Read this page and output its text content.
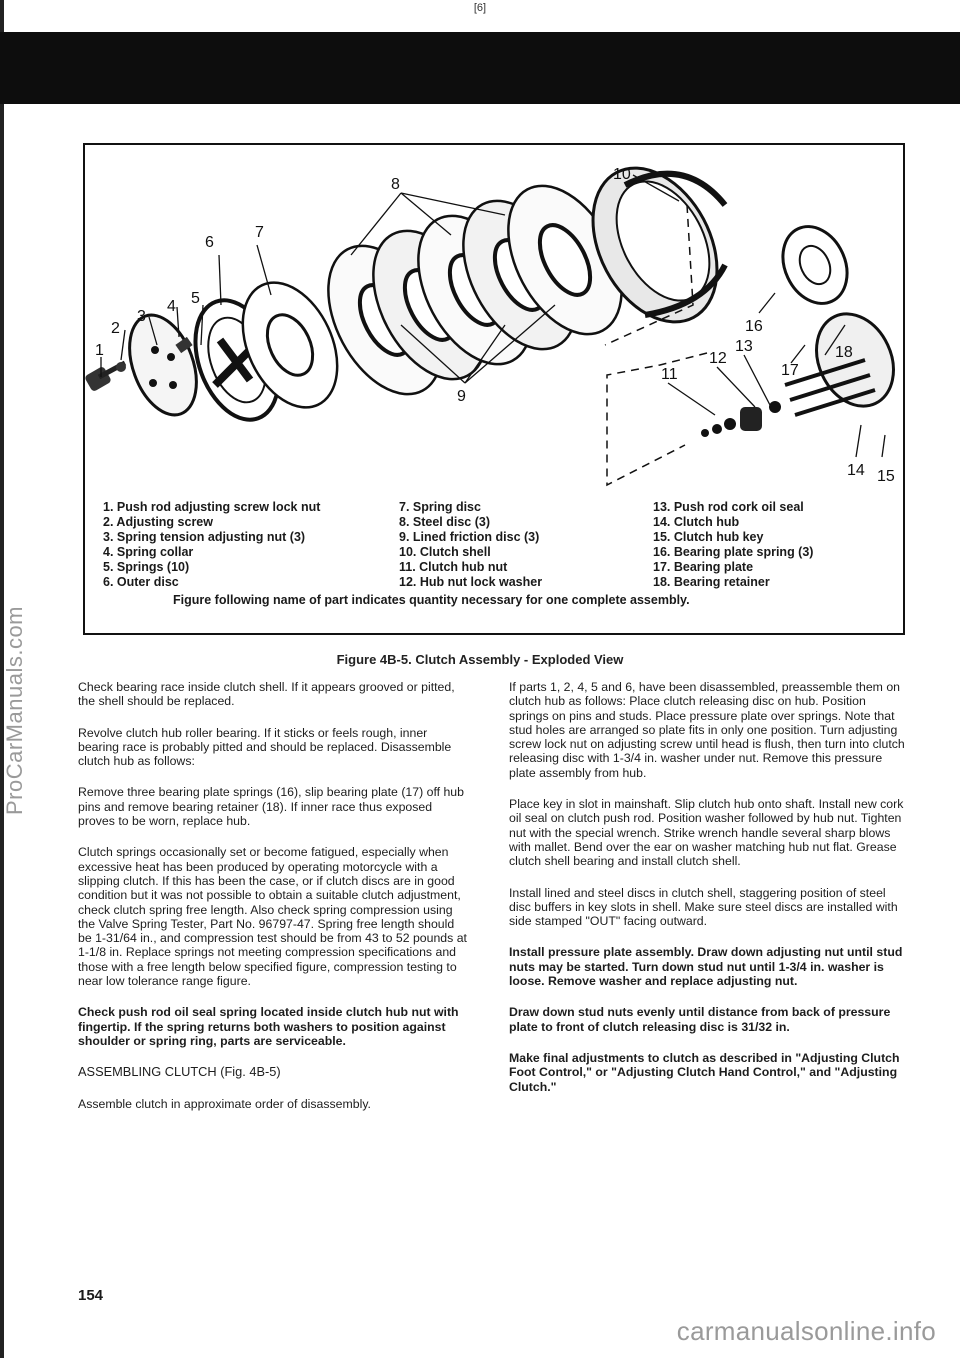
[6]
ProCarManuals.com
1
2
3
4 5
6
7
8
9
10
11
12
13
14 15
16
17
18
1. Push rod adjusting screw lock nut
2. Adjusting screw
3. Spring tension adjusting nut (3)
4. Spring collar
5. Springs (10)
6. Outer disc
7. Spring disc
8. Steel disc (3)
9. Lined friction disc (3)
10. Clutch shell
11. Clutch hub nut
12. Hub nut lock washer
13. Push rod cork oil seal
14. Clutch hub
15. Clutch hub key
16. Bearing plate spring (3)
17. Bearing plate
18. Bearing retainer
Figure following name of part indicates quantity necessary for one complete assembly.
Figure 4B-5. Clutch Assembly - Exploded View

Check bearing race inside clutch shell. If it appears grooved or pitted, the shell should be replaced.

Revolve clutch hub roller bearing. If it sticks or feels rough, inner bearing race is probably pitted and should be replaced. Disassemble clutch hub as follows:

Remove three bearing plate springs (16), slip bearing plate (17) off hub pins and remove bearing retainer (18). If inner race thus exposed proves to be worn, replace hub.

Clutch springs occasionally set or become fatigued, especially when excessive heat has been produced by operating motorcycle with a slipping clutch. If this has been the case, or if clutch discs are in good condition but it was not possible to obtain a suitable clutch adjustment, check clutch spring free length. Also check spring compression using the Valve Spring Tester, Part No. 96797-47. Spring free length should be 1-31/64 in., and compression test should be from 43 to 52 pounds at 1-1/8 in. Replace springs not meeting compression specifications and those with a free length below specified figure, compression testing to near low tolerance range figure.

Check push rod oil seal spring located inside clutch hub nut with fingertip. If the spring returns both washers to position against shoulder or spring ring, parts are serviceable.

ASSEMBLING CLUTCH (Fig. 4B-5)

Assemble clutch in approximate order of disassembly.

If parts 1, 2, 4, 5 and 6, have been disassembled, preassemble them on clutch hub as follows: Place clutch releasing disc on hub. Position springs on pins and studs. Place pressure plate over springs. Note that stud holes are arranged so plate fits in only one position. Turn adjusting screw lock nut on adjusting screw until head is flush, then turn into clutch releasing disc with 1-3/4 in. washer under nut. Remove this pressure plate assembly from hub.

Place key in slot in mainshaft. Slip clutch hub onto shaft. Install new cork oil seal on clutch push rod. Position washer followed by hub nut. Tighten nut with the special wrench. Strike wrench handle several sharp blows with mallet. Bend over the ear on washer matching hub nut flat. Grease clutch shell bearing and install clutch shell.

Install lined and steel discs in clutch shell, staggering position of steel disc buffers in key slots in shell. Make sure steel discs are installed with side stamped "OUT" facing outward.

Install pressure plate assembly. Draw down adjusting nut until stud nuts may be started. Turn down stud nut until 1-3/4 in. washer is loose. Remove washer and replace adjusting nut.

Draw down stud nuts evenly until distance from back of pressure plate to front of clutch releasing disc is 31/32 in.

Make final adjustments to clutch as described in "Adjusting Clutch Foot Control," or "Adjusting Clutch Hand Control," and "Adjusting Clutch."

154
carmanualsonline.info
